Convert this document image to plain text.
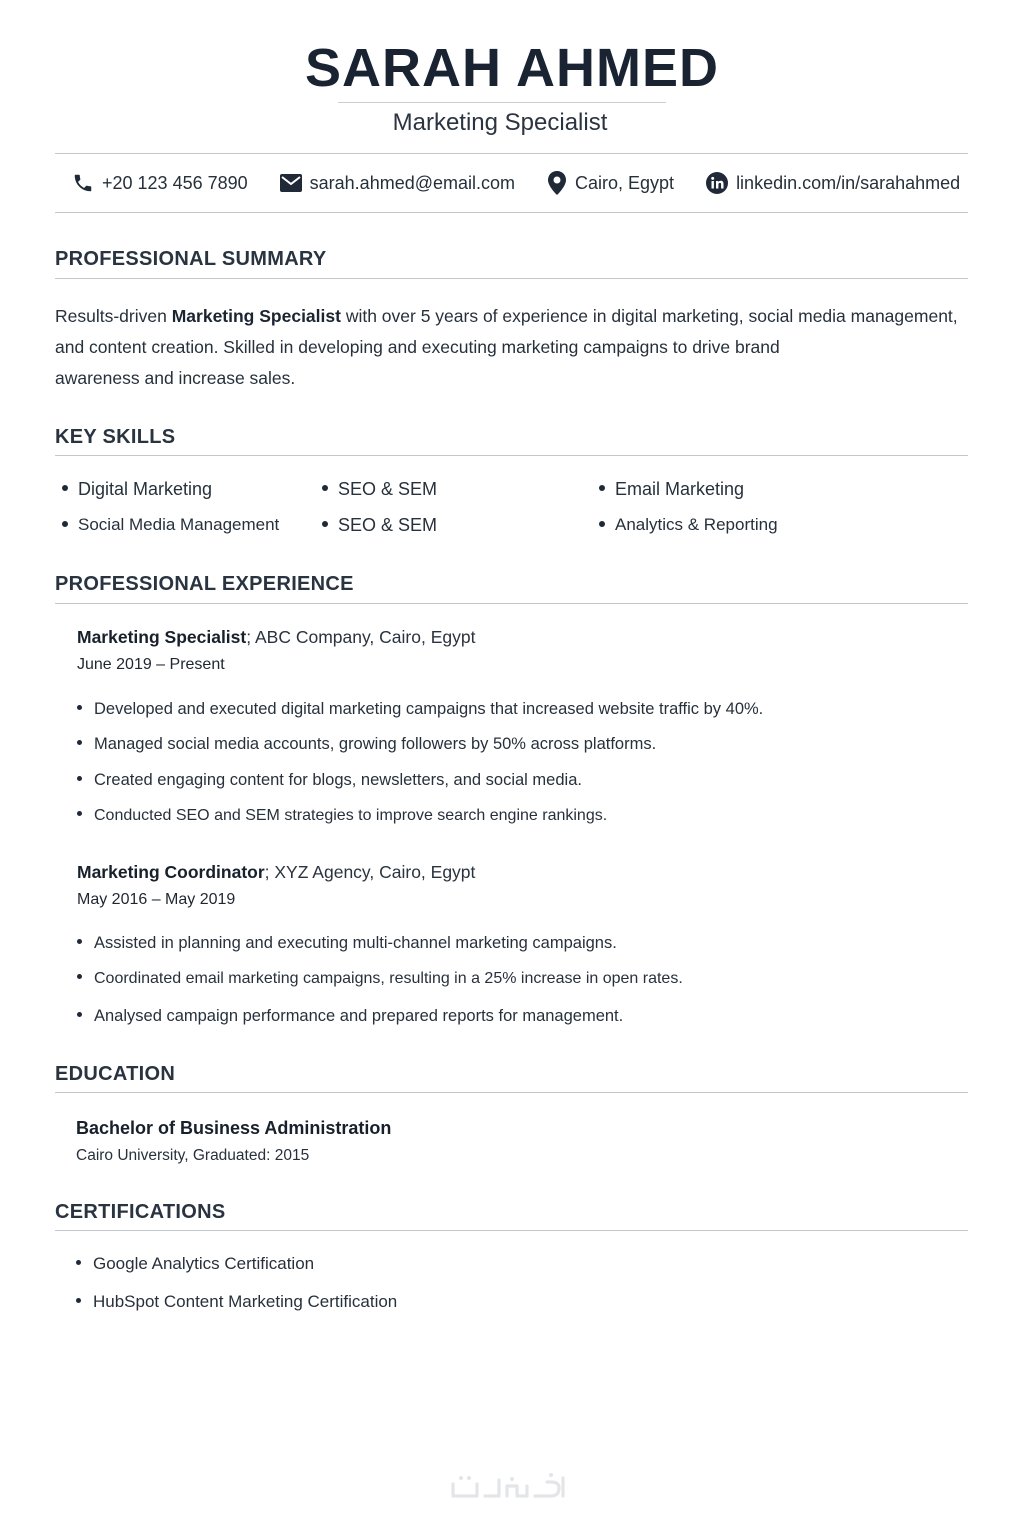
SARAH AHMED
Marketing Specialist
+20 123 456 7890	sarah.ahmed@email.com	Cairo, Egypt	linkedin.com/in/sarahahmed
PROFESSIONAL SUMMARY
Results-driven Marketing Specialist with over 5 years of experience in digital marketing, social media management,
and content creation. Skilled in developing and executing marketing campaigns to drive brand
awareness and increase sales.
KEY SKILLS
Digital Marketing	SEO & SEM	Email Marketing
Social Media Management	SEO & SEM	Analytics & Reporting
PROFESSIONAL EXPERIENCE
Marketing Specialist; ABC Company, Cairo, Egypt
June 2019 – Present
Developed and executed digital marketing campaigns that increased website traffic by 40%.
Managed social media accounts, growing followers by 50% across platforms.
Created engaging content for blogs, newsletters, and social media.
Conducted SEO and SEM strategies to improve search engine rankings.
Marketing Coordinator; XYZ Agency, Cairo, Egypt
May 2016 – May 2019
Assisted in planning and executing multi-channel marketing campaigns.
Coordinated email marketing campaigns, resulting in a 25% increase in open rates.
Analysed campaign performance and prepared reports for management.
EDUCATION
Bachelor of Business Administration
Cairo University, Graduated: 2015
CERTIFICATIONS
Google Analytics Certification
HubSpot Content Marketing Certification
